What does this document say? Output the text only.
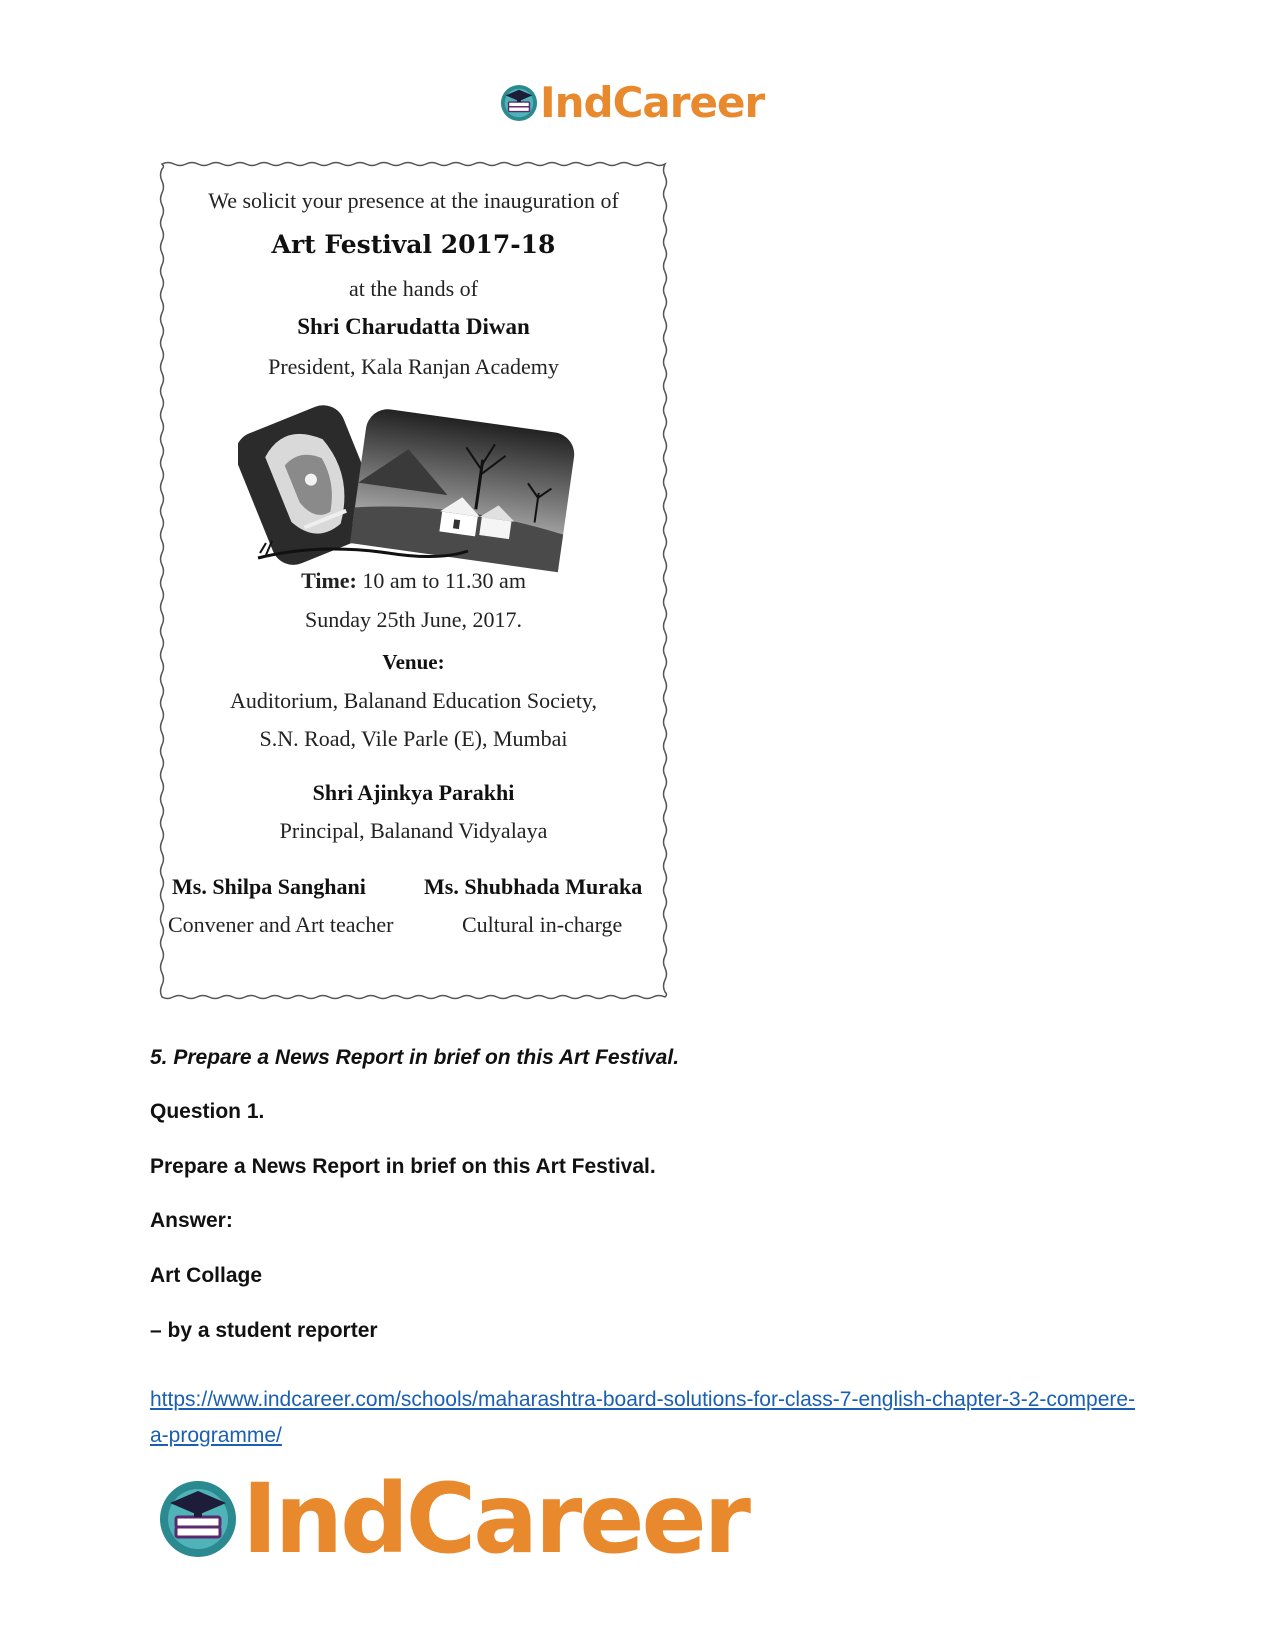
IndCareer
We solicit your presence at the inauguration of
Art Festival 2017-18
at the hands of
Shri Charudatta Diwan
President, Kala Ranjan Academy
Time: 10 am to 11.30 am
Sunday 25th June, 2017.
Venue:
Auditorium, Balanand Education Society,
S.N. Road, Vile Parle (E), Mumbai
Shri Ajinkya Parakhi
Principal, Balanand Vidyalaya
Ms. Shilpa Sanghani
Convener and Art teacher
Ms. Shubhada Muraka
Cultural in-charge
5. Prepare a News Report in brief on this Art Festival.
Question 1.
Prepare a News Report in brief on this Art Festival.
Answer:
Art Collage
– by a student reporter
https://www.indcareer.com/schools/maharashtra-board-solutions-for-class-7-english-chapter-3-2-compere-a-programme/
IndCareer
